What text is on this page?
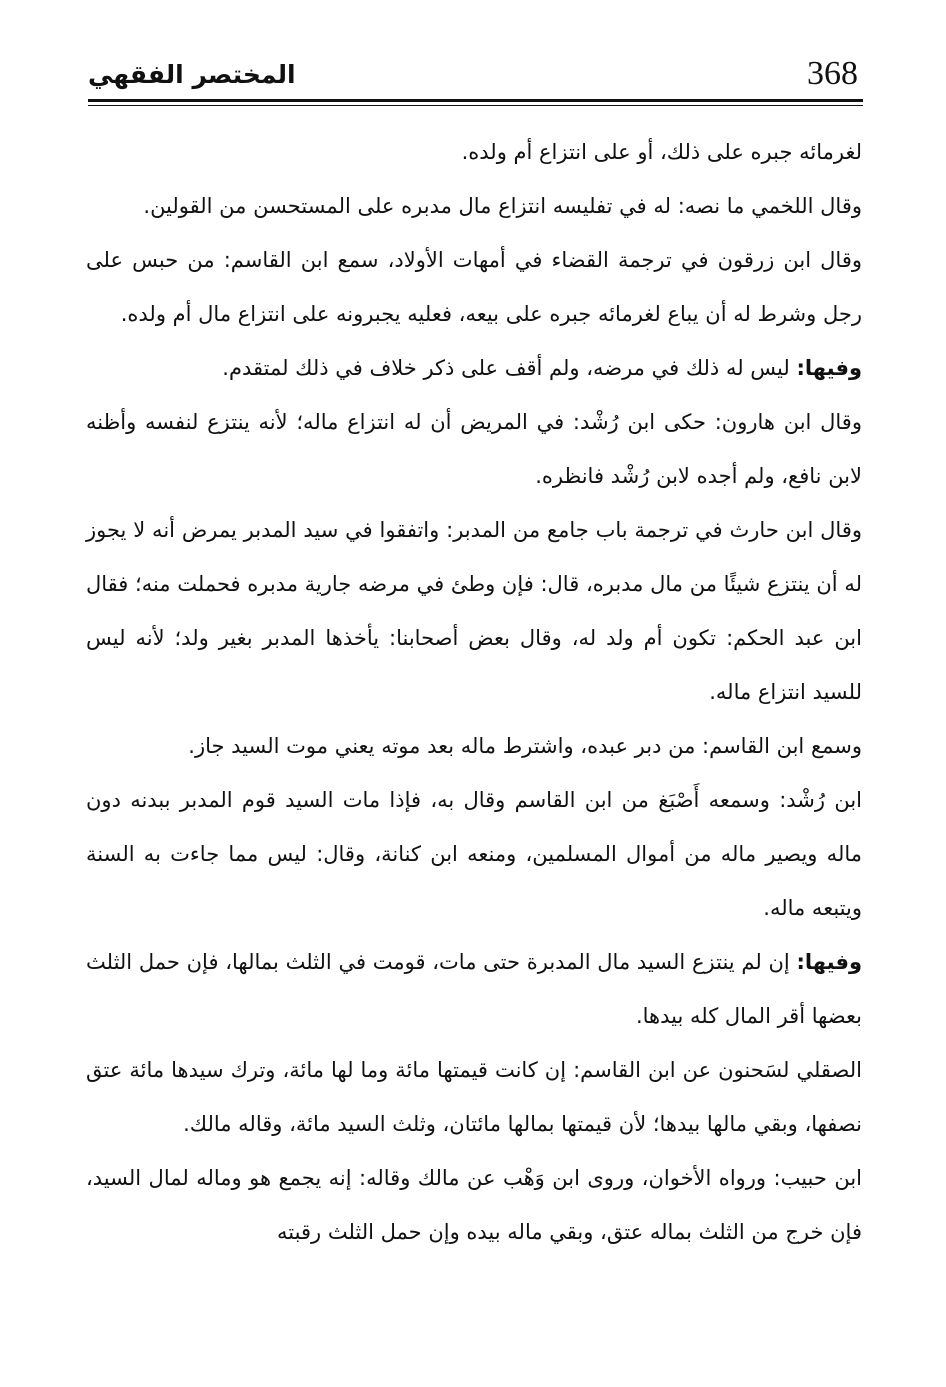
368
المختصر الفقهي

لغرمائه جبره على ذلك، أو على انتزاع أم ولده.

وقال اللخمي ما نصه: له في تفليسه انتزاع مال مدبره على المستحسن من القولين.

وقال ابن زرقون في ترجمة القضاء في أمهات الأولاد، سمع ابن القاسم: من حبس على رجل وشرط له أن يباع لغرمائه جبره على بيعه، فعليه يجبرونه على انتزاع مال أم ولده.

وفيها: ليس له ذلك في مرضه، ولم أقف على ذكر خلاف في ذلك لمتقدم.

وقال ابن هارون: حكى ابن رُشْد: في المريض أن له انتزاع ماله؛ لأنه ينتزع لنفسه وأظنه لابن نافع، ولم أجده لابن رُشْد فانظره.

وقال ابن حارث في ترجمة باب جامع من المدبر: واتفقوا في سيد المدبر يمرض أنه لا يجوز له أن ينتزع شيئًا من مال مدبره، قال: فإن وطئ في مرضه جارية مدبره فحملت منه؛ فقال ابن عبد الحكم: تكون أم ولد له، وقال بعض أصحابنا: يأخذها المدبر بغير ولد؛ لأنه ليس للسيد انتزاع ماله.

وسمع ابن القاسم: من دبر عبده، واشترط ماله بعد موته يعني موت السيد جاز.

ابن رُشْد: وسمعه أَصْبَغ من ابن القاسم وقال به، فإذا مات السيد قوم المدبر ببدنه دون ماله ويصير ماله من أموال المسلمين، ومنعه ابن كنانة، وقال: ليس مما جاءت به السنة ويتبعه ماله.

وفيها: إن لم ينتزع السيد مال المدبرة حتى مات، قومت في الثلث بمالها، فإن حمل الثلث بعضها أقر المال كله بيدها.

الصقلي لسَحنون عن ابن القاسم: إن كانت قيمتها مائة وما لها مائة، وترك سيدها مائة عتق نصفها، وبقي مالها بيدها؛ لأن قيمتها بمالها مائتان، وثلث السيد مائة، وقاله مالك.

ابن حبيب: ورواه الأخوان، وروى ابن وَهْب عن مالك وقاله: إنه يجمع هو وماله لمال السيد، فإن خرج من الثلث بماله عتق، وبقي ماله بيده وإن حمل الثلث رقبته
